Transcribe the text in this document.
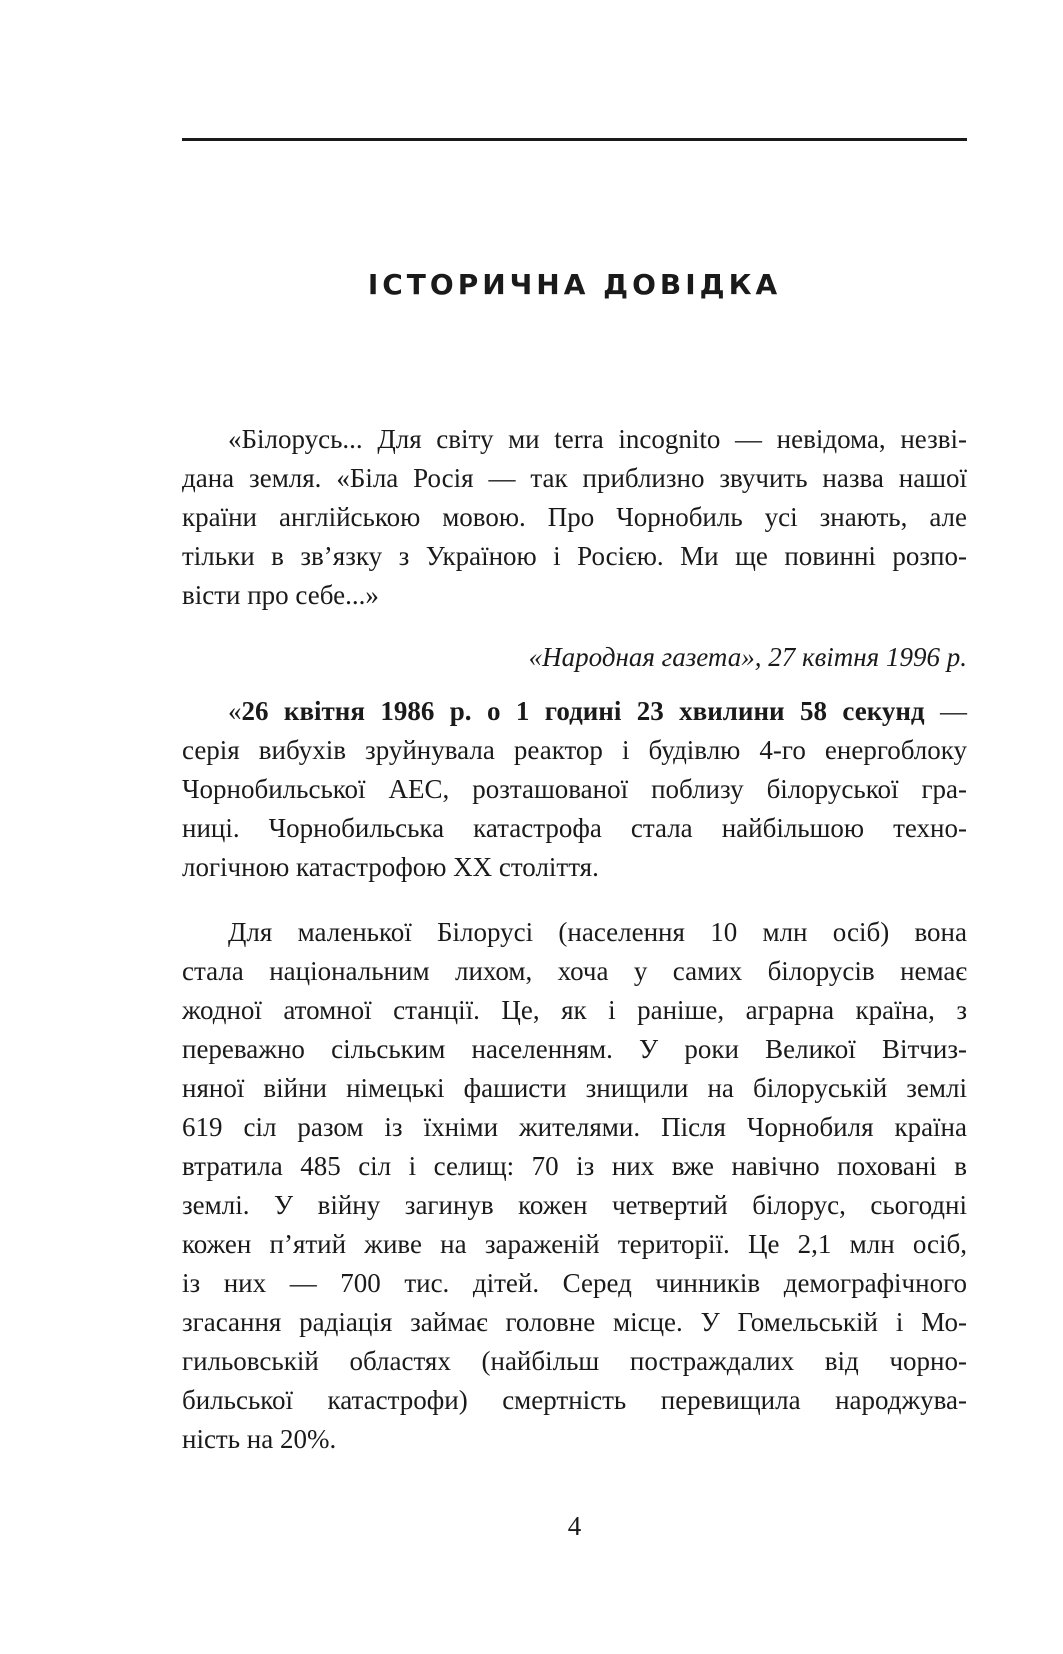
ІСТОРИЧНА ДОВІДКА

«Білорусь... Для світу ми terra incognito — невідома, незві-
дана земля. «Біла Росія — так приблизно звучить назва нашої
країни англійською мовою. Про Чорнобиль усі знають, але
тільки в зв’язку з Україною і Росією. Ми ще повинні розпо-
вісти про себе...»

«Народная газета», 27 квітня 1996 р.

«26 квітня 1986 р. о 1 годині 23 хвилини 58 секунд —
серія вибухів зруйнувала реактор і будівлю 4-го енергоблоку
Чорнобильської АЕС, розташованої поблизу білоруської гра-
ниці. Чорнобильська катастрофа стала найбільшою техно-
логічною катастрофою ХХ століття.

Для маленької Білорусі (населення 10 млн осіб) вона
стала національним лихом, хоча у самих білорусів немає
жодної атомної станції. Це, як і раніше, аграрна країна, з
переважно сільським населенням. У роки Великої Вітчиз-
няної війни німецькі фашисти знищили на білоруській землі
619 сіл разом із їхніми жителями. Після Чорнобиля країна
втратила 485 сіл і селищ: 70 із них вже навічно поховані в
землі. У війну загинув кожен четвертий білорус, сьогодні
кожен п’ятий живе на зараженій території. Це 2,1 млн осіб,
із них — 700 тис. дітей. Серед чинників демографічного
згасання радіація займає головне місце. У Гомельській і Мо-
гильовській областях (найбільш постраждалих від чорно-
бильської катастрофи) смертність перевищила народжува-
ність на 20%.

4
